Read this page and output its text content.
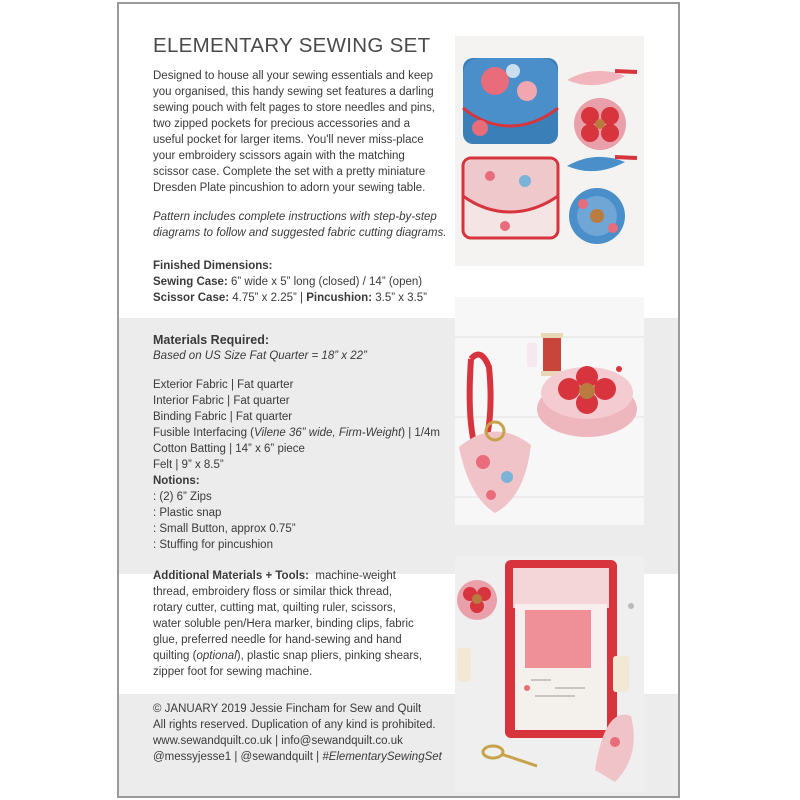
ELEMENTARY SEWING SET
Designed to house all your sewing essentials and keep
you organised, this handy sewing set features a darling
sewing pouch with felt pages to store needles and pins,
two zipped pockets for precious accessories and a
useful pocket for larger items. You'll never miss-place
your embroidery scissors again with the matching
scissor case. Complete the set with a pretty miniature
Dresden Plate pincushion to adorn your sewing table.
Pattern includes complete instructions with step-by-step
diagrams to follow and suggested fabric cutting diagrams.
Finished Dimensions:
Sewing Case: 6” wide x 5” long (closed) / 14” (open)
Scissor Case: 4.75” x 2.25” | Pincushion: 3.5” x 3.5”
Materials Required:
Based on US Size Fat Quarter = 18” x 22”
Exterior Fabric | Fat quarter
Interior Fabric | Fat quarter
Binding Fabric | Fat quarter
Fusible Interfacing (Vilene 36” wide, Firm-Weight) | 1/4m
Cotton Batting | 14” x 6” piece
Felt | 9” x 8.5”
Notions:
: (2) 6” Zips
: Plastic snap
: Small Button, approx 0.75”
: Stuffing for pincushion
Additional Materials + Tools:  machine-weight
thread, embroidery floss or similar thick thread,
rotary cutter, cutting mat, quilting ruler, scissors,
water soluble pen/Hera marker, binding clips, fabric
glue, preferred needle for hand-sewing and hand
quilting (optional), plastic snap pliers, pinking shears,
zipper foot for sewing machine.
© JANUARY 2019 Jessie Fincham for Sew and Quilt
All rights reserved. Duplication of any kind is prohibited.
www.sewandquilt.co.uk | info@sewandquilt.co.uk
@messyjesse1 | @sewandquilt | #ElementarySewingSet
